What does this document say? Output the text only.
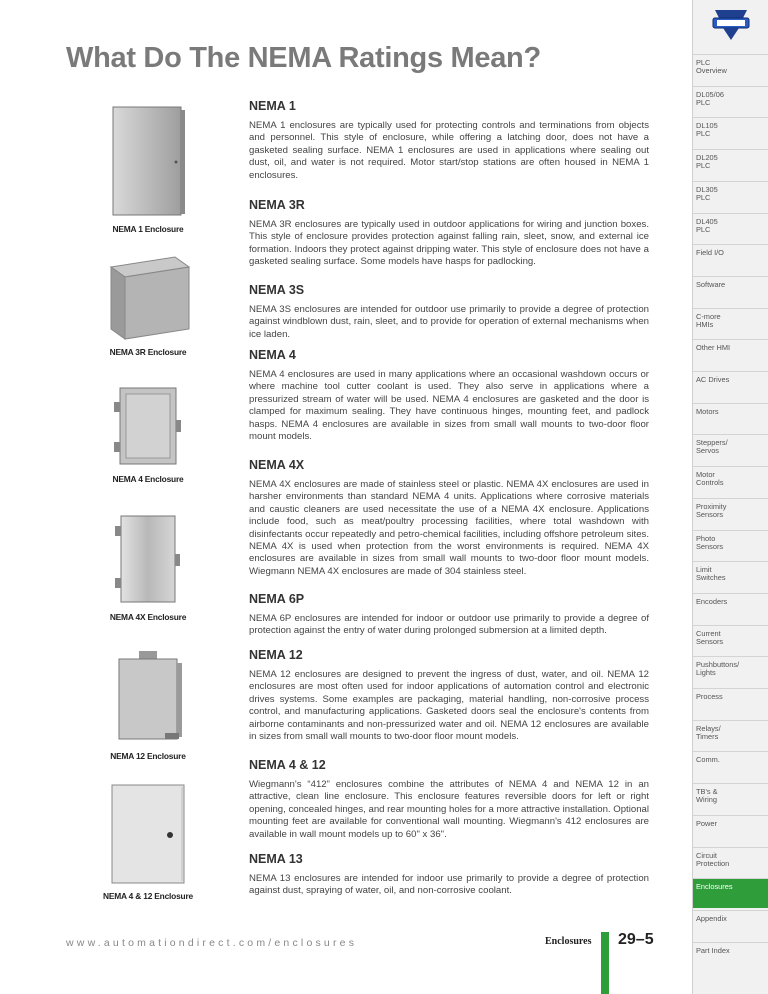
What Do The NEMA Ratings Mean?
NEMA 1 Enclosure
NEMA 3R Enclosure
NEMA 4 Enclosure
NEMA 4X Enclosure
NEMA 12 Enclosure
NEMA 4 & 12 Enclosure
NEMA 1
NEMA 1 enclosures are typically used for protecting controls and terminations from objects and personnel. This style of enclosure, while offering a latching door, does not have a gasketed sealing surface. NEMA 1 enclosures are used in applications where sealing out dust, oil, and water is not required. Motor start/stop stations are often housed in NEMA 1 enclosures.
NEMA 3R
NEMA 3R enclosures are typically used in outdoor applications for wiring and junction boxes. This style of enclosure provides protection against falling rain, sleet, snow, and external ice formation. Indoors they protect against dripping water. This style of enclosure does not have a gasketed sealing surface. Some models have hasps for padlocking.
NEMA 3S
NEMA 3S enclosures are intended for outdoor use primarily to provide a degree of protection against windblown dust, rain, sleet, and to provide for operation of external mechanisms when ice laden.
NEMA 4
NEMA 4 enclosures are used in many applications where an occasional washdown occurs or where machine tool cutter coolant is used. They also serve in applications where a pressurized stream of water will be used. NEMA 4 enclosures are gasketed and the door is clamped for maximum sealing. They have continuous hinges, mounting feet, and padlock hasps. NEMA 4 enclosures are available in sizes from small wall mounts to two-door floor mount models.
NEMA 4X
NEMA 4X enclosures are made of stainless steel or plastic. NEMA 4X enclosures are used in harsher environments than standard NEMA 4 units. Applications where corrosive materials and caustic cleaners are used necessitate the use of a NEMA 4X enclosure. Applications include food, such as meat/poultry processing facilities, where total washdown with disinfectants occur repeatedly and petro-chemical facilities, including offshore petroleum sites. NEMA 4X is used when protection from the worst environments is required. NEMA 4X enclosures are available in sizes from small wall mounts to two-door floor mount models. Wiegmann NEMA 4X enclosures are made of 304 stainless steel.
NEMA 6P
NEMA 6P enclosures are intended for indoor or outdoor use primarily to provide a degree of protection against the entry of water during prolonged submersion at a limited depth.
NEMA 12
NEMA 12 enclosures are designed to prevent the ingress of dust, water, and oil. NEMA 12 enclosures are most often used for indoor applications of automation control and electronic drives systems. Some examples are packaging, material handling, non-corrosive process control, and manufacturing applications. Gasketed doors seal the enclosure's contents from airborne contaminants and non-pressurized water and oil. NEMA 12 enclosures are available in sizes from small wall mounts to two-door floor mount models.
NEMA 4 & 12
Wiegmann's “412” enclosures combine the attributes of NEMA 4 and NEMA 12 in an attractive, clean line enclosure. This enclosure features reversible doors for left or right opening, concealed hinges, and rear mounting holes for a more attractive installation. Optional mounting feet are available for conventional wall mounting. Wiegmann's 412 enclosures are available in wall mount models up to 60" x 36".
NEMA 13
NEMA 13 enclosures are intended for indoor use primarily to provide a degree of protection against dust, spraying of water, oil, and non-corrosive coolant.
www.automationdirect.com/enclosures	Enclosures 29–5
PLC
Overview
DL05/06
PLC
DL105
PLC
DL205
PLC
DL305
PLC
DL405
PLC
Field I/O
Software
C-more
HMIs
Other HMI
AC Drives
Motors
Steppers/
Servos
Motor
Controls
Proximity
Sensors
Photo
Sensors
Limit
Switches
Encoders
Current
Sensors
Pushbuttons/
Lights
Process
Relays/
Timers
Comm.
TB's &
Wiring
Power
Circuit
Protection
Enclosures
Appendix
Part Index
